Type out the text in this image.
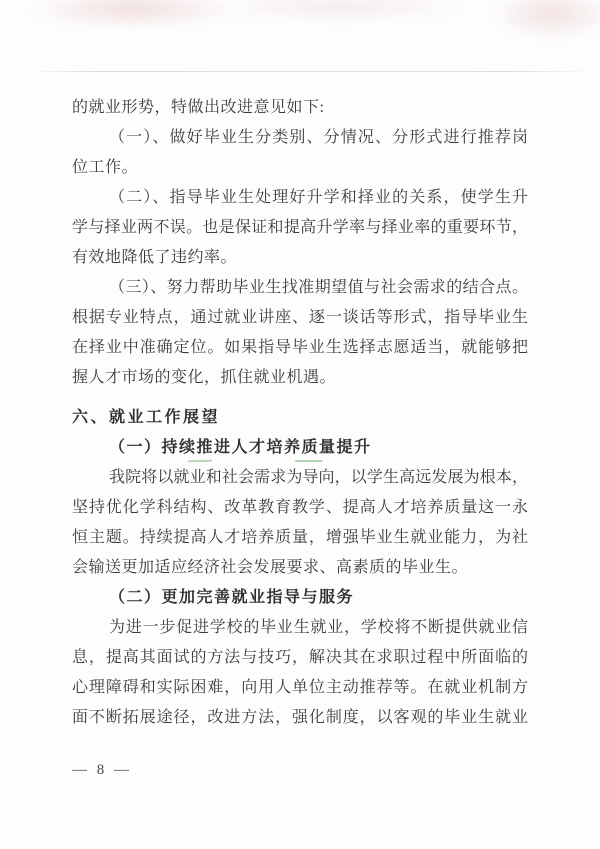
的就业形势，特做出改进意见如下:
（一）、做好毕业生分类别、分情况、分形式进行推荐岗
位工作。
（二）、指导毕业生处理好升学和择业的关系，使学生升
学与择业两不误。也是保证和提高升学率与择业率的重要环节，
有效地降低了违约率。
（三）、努力帮助毕业生找准期望值与社会需求的结合点。
根据专业特点，通过就业讲座、逐一谈话等形式，指导毕业生
在择业中准确定位。如果指导毕业生选择志愿适当，就能够把
握人才市场的变化，抓住就业机遇。
六、就业工作展望
（一）持续推进人才培养质量提升
我院将以就业和社会需求为导向，以学生高远发展为根本，
坚持优化学科结构、改革教育教学、提高人才培养质量这一永
恒主题。持续提高人才培养质量，增强毕业生就业能力，为社
会输送更加适应经济社会发展要求、高素质的毕业生。
（二）更加完善就业指导与服务
为进一步促进学校的毕业生就业，学校将不断提供就业信
息，提高其面试的方法与技巧，解决其在求职过程中所面临的
心理障碍和实际困难，向用人单位主动推荐等。在就业机制方
面不断拓展途径，改进方法，强化制度，以客观的毕业生就业
— 8 —
